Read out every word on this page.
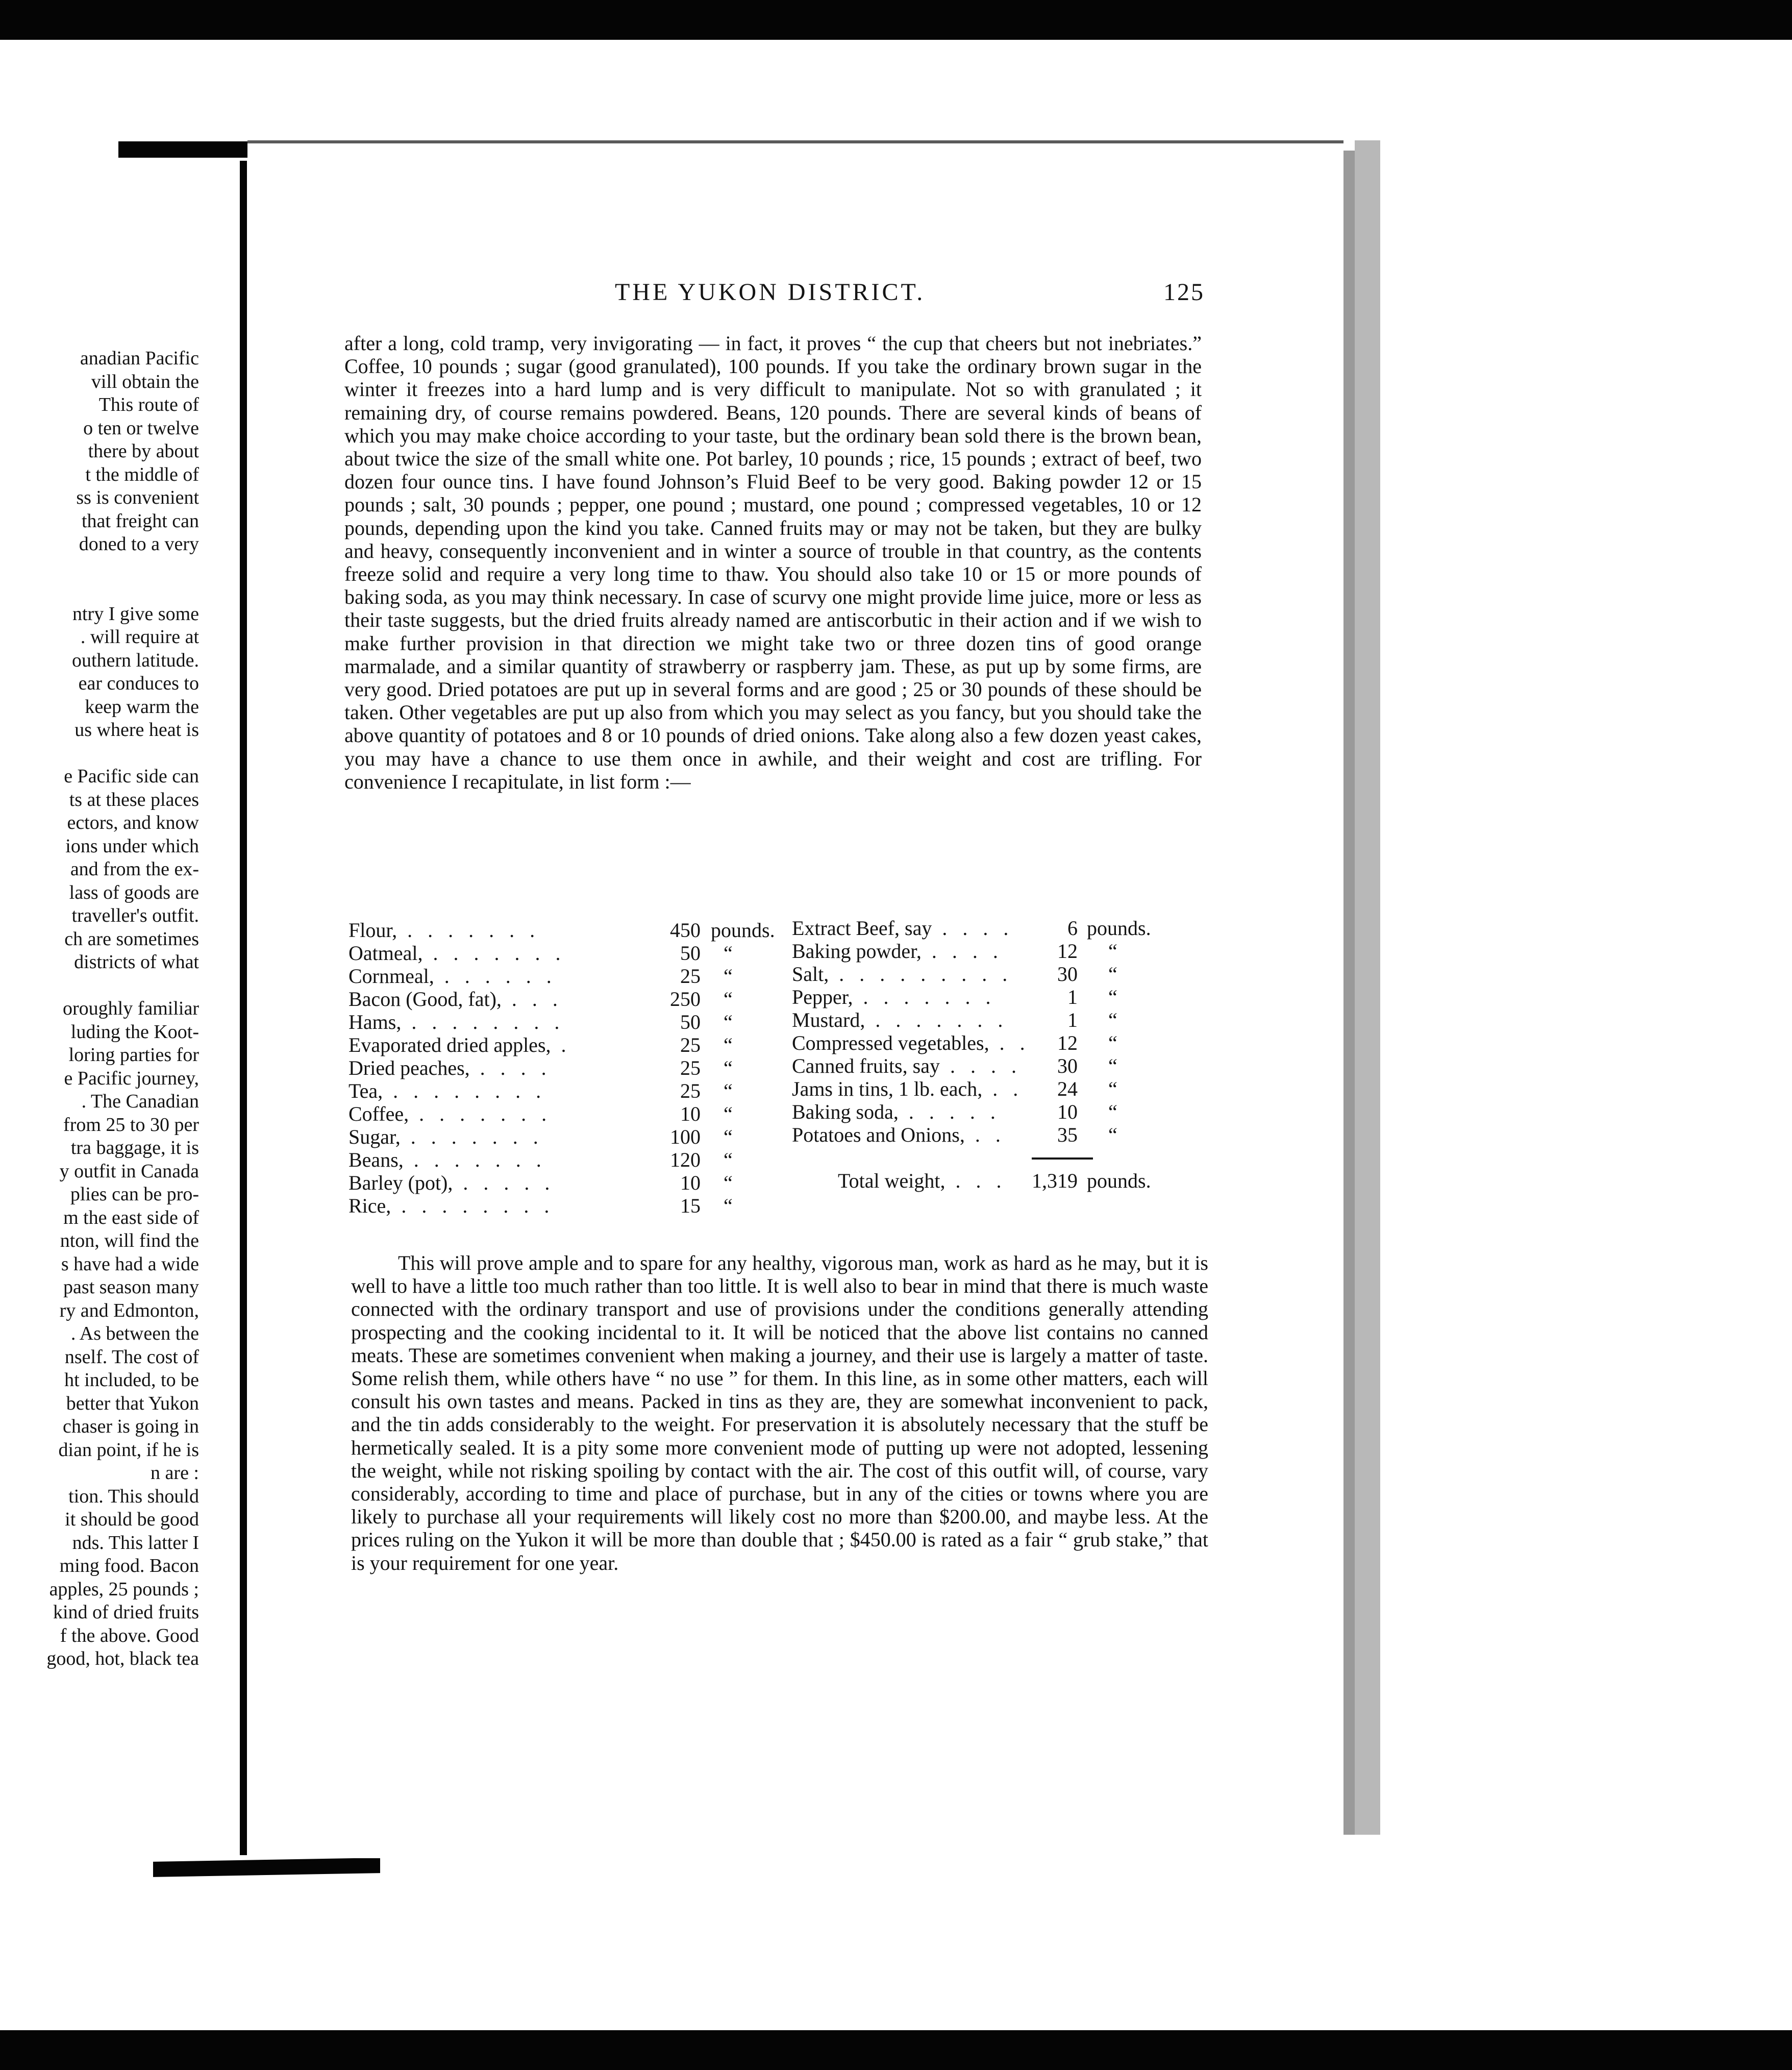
anadian Pacific
vill obtain the
This route of
o ten or twelve
there by about
t the middle of
ss is convenient
that freight can
doned to a very
ntry I give some
. will require at
outhern latitude.
ear conduces to
keep warm the
us where heat is
e Pacific side can
ts at these places
ectors, and know
ions under which
and from the ex-
lass of goods are
traveller's outfit.
ch are sometimes
districts of what
oroughly familiar
luding the Koot-
loring parties for
e Pacific journey,
. The Canadian
from 25 to 30 per
tra baggage, it is
y outfit in Canada
plies can be pro-
m the east side of
nton, will find the
s have had a wide
past season many
ry and Edmonton,
. As between the
nself. The cost of
ht included, to be
better that Yukon
chaser is going in
dian point, if he is
n are :
tion. This should
it should be good
nds. This latter I
ming food. Bacon
apples, 25 pounds ;
kind of dried fruits
f the above. Good
good, hot, black tea
THE YUKON DISTRICT.	125
after a long, cold tramp, very invigorating — in fact, it proves “ the cup that cheers but not inebriates.” Coffee, 10 pounds ; sugar (good granulated), 100 pounds. If you take the ordinary brown sugar in the winter it freezes into a hard lump and is very difficult to manipulate. Not so with granulated ; it remaining dry, of course remains powdered. Beans, 120 pounds. There are several kinds of beans of which you may make choice according to your taste, but the ordinary bean sold there is the brown bean, about twice the size of the small white one. Pot barley, 10 pounds ; rice, 15 pounds ; extract of beef, two dozen four ounce tins. I have found Johnson’s Fluid Beef to be very good. Baking powder 12 or 15 pounds ; salt, 30 pounds ; pepper, one pound ; mustard, one pound ; compressed vegetables, 10 or 12 pounds, depending upon the kind you take. Canned fruits may or may not be taken, but they are bulky and heavy, consequently inconvenient and in winter a source of trouble in that country, as the contents freeze solid and require a very long time to thaw. You should also take 10 or 15 or more pounds of baking soda, as you may think necessary. In case of scurvy one might provide lime juice, more or less as their taste suggests, but the dried fruits already named are antiscorbutic in their action and if we wish to make further provision in that direction we might take two or three dozen tins of good orange marmalade, and a similar quantity of strawberry or raspberry jam. These, as put up by some firms, are very good. Dried potatoes are put up in several forms and are good ; 25 or 30 pounds of these should be taken. Other vegetables are put up also from which you may select as you fancy, but you should take the above quantity of potatoes and 8 or 10 pounds of dried onions. Take along also a few dozen yeast cakes, you may have a chance to use them once in awhile, and their weight and cost are trifling. For convenience I recapitulate, in list form :—
Flour, . . . . . . .	450 pounds.
Oatmeal, . . . . . . .	50 “
Cornmeal, . . . . . .	25 “
Bacon (Good, fat), . . .	250 “
Hams, . . . . . . . .	50 “
Evaporated dried apples, .	25 “
Dried peaches, . . . .	25 “
Tea, . . . . . . . .	25 “
Coffee, . . . . . . .	10 “
Sugar, . . . . . . .	100 “
Beans, . . . . . . .	120 “
Barley (pot), . . . . .	10 “
Rice, . . . . . . . .	15 “
Extract Beef, say . . . .	6 pounds.
Baking powder, . . . .	12 “
Salt, . . . . . . . . .	30 “
Pepper, . . . . . . .	1 “
Mustard, . . . . . . .	1 “
Compressed vegetables, . .	12 “
Canned fruits, say . . . .	30 “
Jams in tins, 1 lb. each, . .	24 “
Baking soda, . . . . .	10 “
Potatoes and Onions, . .	35 “
Total weight, . . .	1,319 pounds.
This will prove ample and to spare for any healthy, vigorous man, work as hard as he may, but it is well to have a little too much rather than too little. It is well also to bear in mind that there is much waste connected with the ordinary transport and use of provisions under the conditions generally attending prospecting and the cooking incidental to it. It will be noticed that the above list contains no canned meats. These are sometimes convenient when making a journey, and their use is largely a matter of taste. Some relish them, while others have “ no use ” for them. In this line, as in some other matters, each will consult his own tastes and means. Packed in tins as they are, they are somewhat inconvenient to pack, and the tin adds considerably to the weight. For preservation it is absolutely necessary that the stuff be hermetically sealed. It is a pity some more convenient mode of putting up were not adopted, lessening the weight, while not risking spoiling by contact with the air. The cost of this outfit will, of course, vary considerably, according to time and place of purchase, but in any of the cities or towns where you are likely to purchase all your requirements will likely cost no more than $200.00, and maybe less. At the prices ruling on the Yukon it will be more than double that ; $450.00 is rated as a fair “ grub stake,” that is your requirement for one year.
